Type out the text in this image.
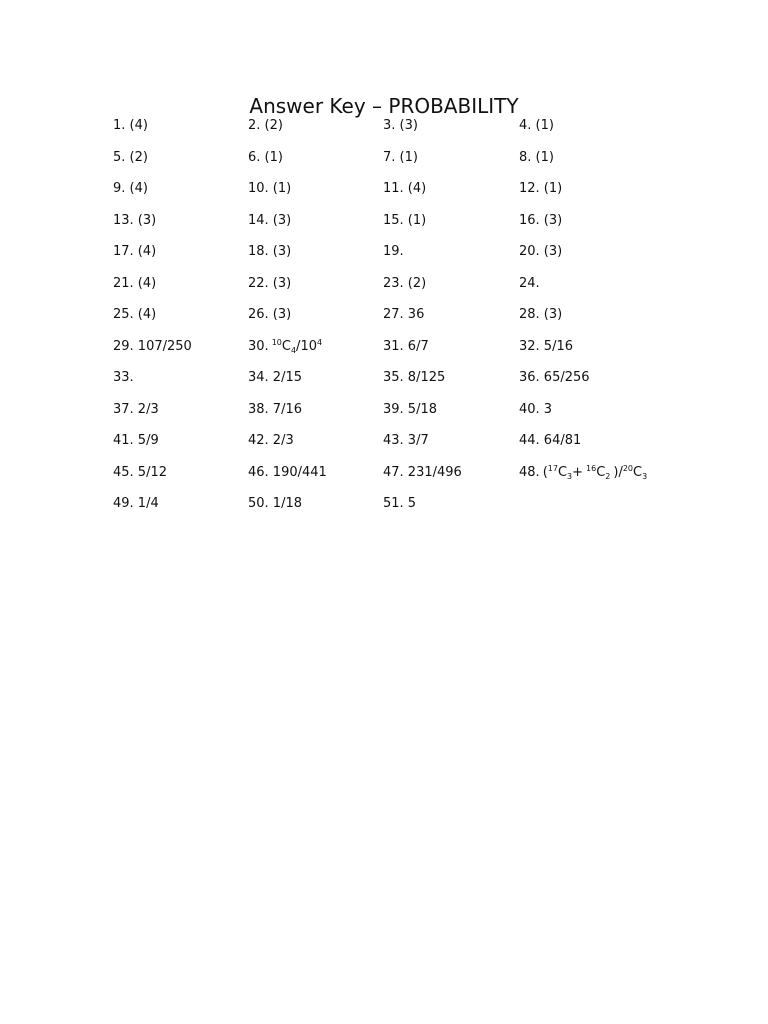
Answer Key – PROBABILITY
1. (4)	2. (2)	3. (3)	4. (1)
5. (2)	6. (1)	7. (1)	8. (1)
9. (4)	10. (1)	11. (4)	12. (1)
13. (3)	14. (3)	15. (1)	16. (3)
17. (4)	18. (3)	19.	20. (3)
21. (4)	22. (3)	23. (2)	24.
25. (4)	26. (3)	27. 36	28. (3)
29. 107/250	30. $^{10}C_4/10^4$	31. 6/7	32. 5/16
33.	34. 2/15	35. 8/125	36. 65/256
37. 2/3	38. 7/16	39. 5/18	40. 3
41. 5/9	42. 2/3	43. 3/7	44. 64/81
45. 5/12	46. 190/441	47. 231/496	48. ($^{17}C_3+ ^{16}C_2$ )$/^{20}C_3$
49. 1/4	50. 1/18	51. 5
